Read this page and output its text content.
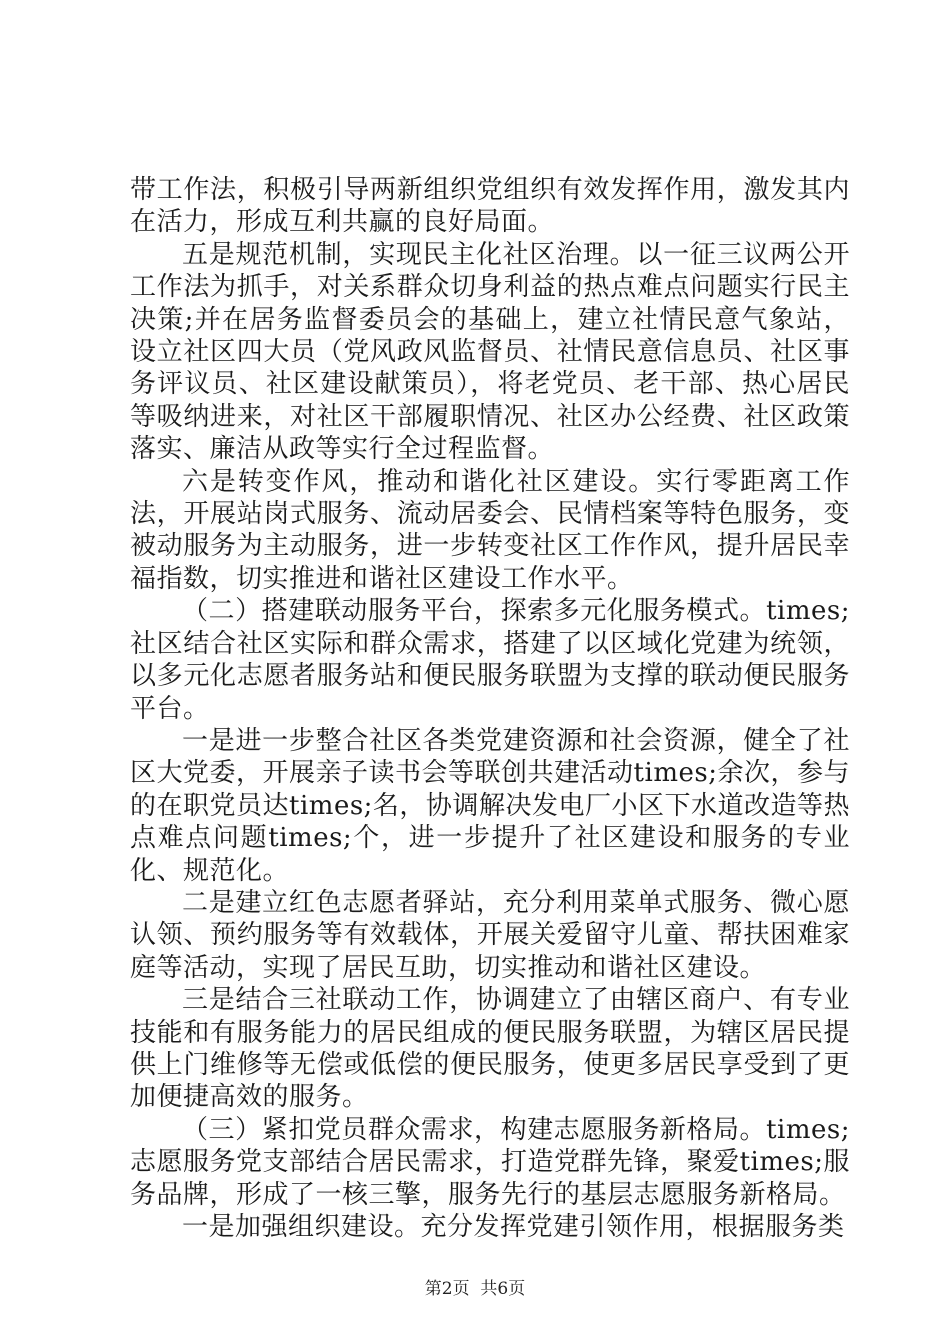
带工作法，积极引导两新组织党组织有效发挥作用，激发其内在活力，形成互利共赢的良好局面。

五是规范机制，实现民主化社区治理。以一征三议两公开工作法为抓手，对关系群众切身利益的热点难点问题实行民主决策;并在居务监督委员会的基础上，建立社情民意气象站，设立社区四大员（党风政风监督员、社情民意信息员、社区事务评议员、社区建设献策员），将老党员、老干部、热心居民等吸纳进来，对社区干部履职情况、社区办公经费、社区政策落实、廉洁从政等实行全过程监督。

六是转变作风，推动和谐化社区建设。实行零距离工作法，开展站岗式服务、流动居委会、民情档案等特色服务，变被动服务为主动服务，进一步转变社区工作作风，提升居民幸福指数，切实推进和谐社区建设工作水平。

（二）搭建联动服务平台，探索多元化服务模式。times;社区结合社区实际和群众需求，搭建了以区域化党建为统领，以多元化志愿者服务站和便民服务联盟为支撑的联动便民服务平台。

一是进一步整合社区各类党建资源和社会资源，健全了社区大党委，开展亲子读书会等联创共建活动times;余次，参与的在职党员达times;名，协调解决发电厂小区下水道改造等热点难点问题times;个，进一步提升了社区建设和服务的专业化、规范化。

二是建立红色志愿者驿站，充分利用菜单式服务、微心愿认领、预约服务等有效载体，开展关爱留守儿童、帮扶困难家庭等活动，实现了居民互助，切实推动和谐社区建设。

三是结合三社联动工作，协调建立了由辖区商户、有专业技能和有服务能力的居民组成的便民服务联盟，为辖区居民提供上门维修等无偿或低偿的便民服务，使更多居民享受到了更加便捷高效的服务。

（三）紧扣党员群众需求，构建志愿服务新格局。times;志愿服务党支部结合居民需求，打造党群先锋，聚爱times;服务品牌，形成了一核三擎，服务先行的基层志愿服务新格局。

一是加强组织建设。充分发挥党建引领作用，根据服务类

第2页  共6页
